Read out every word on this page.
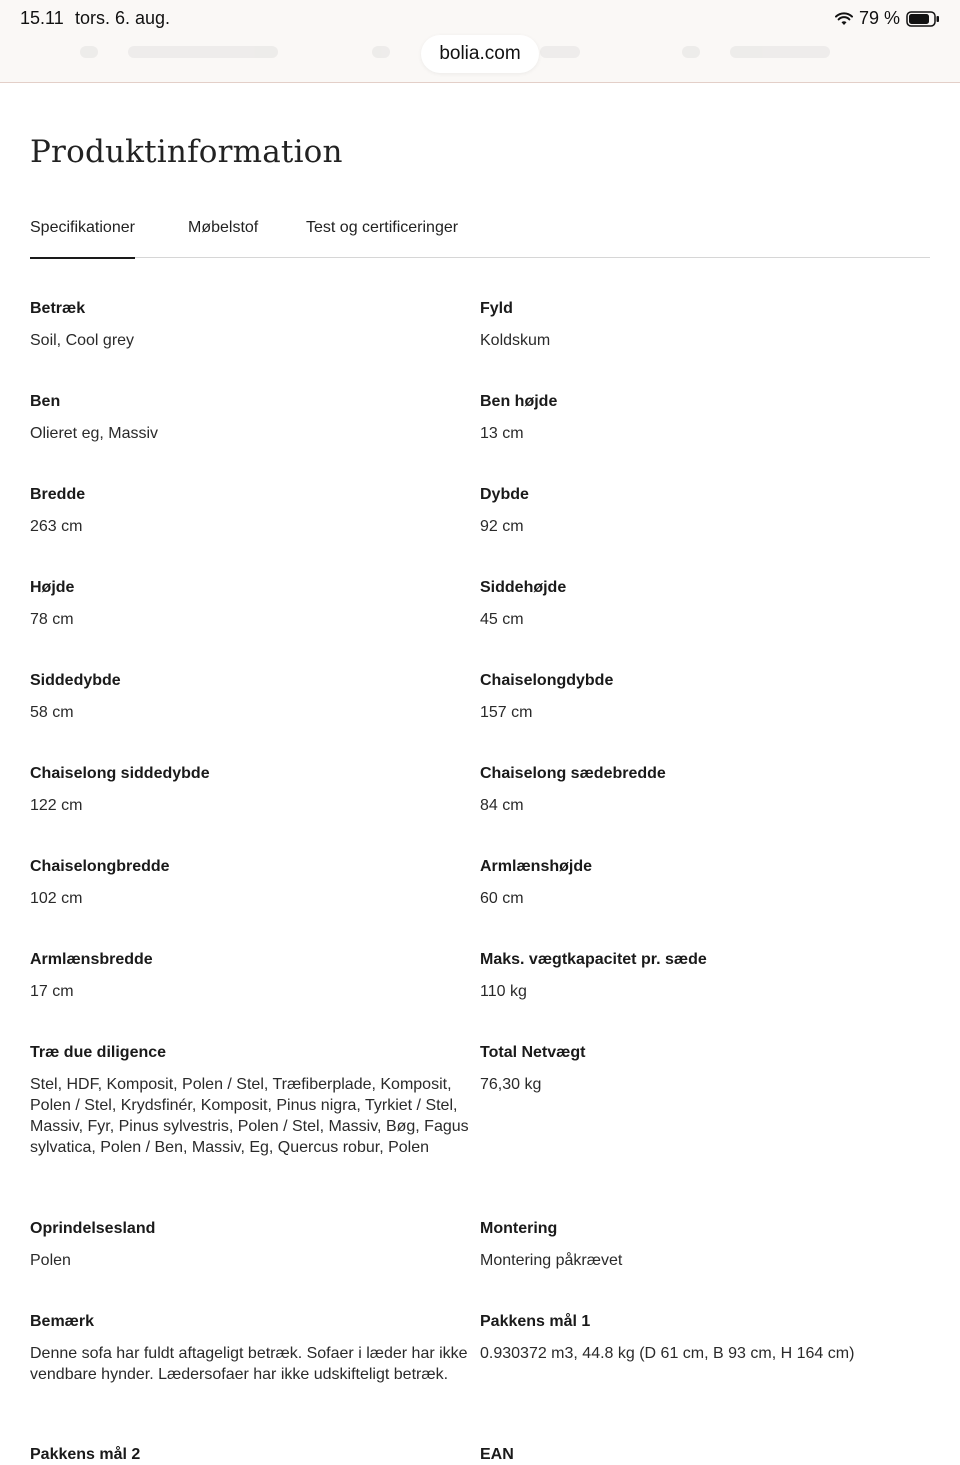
15.11 tors. 6. aug.	79 %
bolia.com
Produktinformation
Specifikationer	Møbelstof	Test og certificeringer
Betræk
Soil, Cool grey
Fyld
Koldskum
Ben
Olieret eg, Massiv
Ben højde
13 cm
Bredde
263 cm
Dybde
92 cm
Højde
78 cm
Siddehøjde
45 cm
Siddedybde
58 cm
Chaiselongdybde
157 cm
Chaiselong siddedybde
122 cm
Chaiselong sædebredde
84 cm
Chaiselongbredde
102 cm
Armlænshøjde
60 cm
Armlænsbredde
17 cm
Maks. vægtkapacitet pr. sæde
110 kg
Træ due diligence
Stel, HDF, Komposit, Polen / Stel, Træfiberplade, Komposit, Polen / Stel, Krydsfinér, Komposit, Pinus nigra, Tyrkiet / Stel, Massiv, Fyr, Pinus sylvestris, Polen / Stel, Massiv, Bøg, Fagus sylvatica, Polen / Ben, Massiv, Eg, Quercus robur, Polen
Total Netvægt
76,30 kg
Oprindelsesland
Polen
Montering
Montering påkrævet
Bemærk
Denne sofa har fuldt aftageligt betræk. Sofaer i læder har ikke vendbare hynder. Lædersofaer har ikke udskifteligt betræk.
Pakkens mål 1
0.930372 m3, 44.8 kg (D 61 cm, B 93 cm, H 164 cm)
Pakkens mål 2	EAN
